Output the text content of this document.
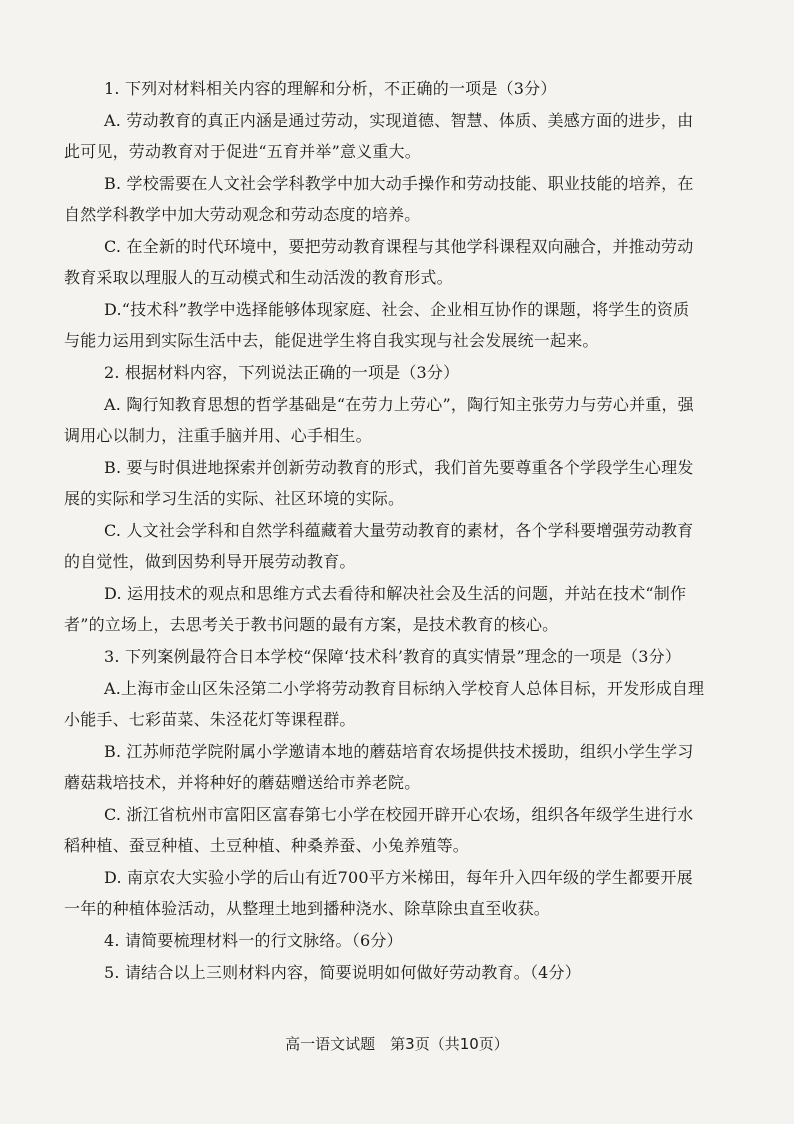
1. 下列对材料相关内容的理解和分析，不正确的一项是（3分）

A. 劳动教育的真正内涵是通过劳动，实现道德、智慧、体质、美感方面的进步，由

此可见，劳动教育对于促进“五育并举”意义重大。

B. 学校需要在人文社会学科教学中加大动手操作和劳动技能、职业技能的培养，在

自然学科教学中加大劳动观念和劳动态度的培养。

C. 在全新的时代环境中，要把劳动教育课程与其他学科课程双向融合，并推动劳动

教育采取以理服人的互动模式和生动活泼的教育形式。

D.“技术科”教学中选择能够体现家庭、社会、企业相互协作的课题，将学生的资质

与能力运用到实际生活中去，能促进学生将自我实现与社会发展统一起来。

2. 根据材料内容，下列说法正确的一项是（3分）

A. 陶行知教育思想的哲学基础是“在劳力上劳心”，陶行知主张劳力与劳心并重，强

调用心以制力，注重手脑并用、心手相生。

B. 要与时俱进地探索并创新劳动教育的形式，我们首先要尊重各个学段学生心理发

展的实际和学习生活的实际、社区环境的实际。

C. 人文社会学科和自然学科蕴藏着大量劳动教育的素材，各个学科要增强劳动教育

的自觉性，做到因势利导开展劳动教育。

D. 运用技术的观点和思维方式去看待和解决社会及生活的问题，并站在技术“制作

者”的立场上，去思考关于教书问题的最有方案，是技术教育的核心。

3. 下列案例最符合日本学校“保障‘技术科’教育的真实情景”理念的一项是（3分）

A.上海市金山区朱泾第二小学将劳动教育目标纳入学校育人总体目标，开发形成自理

小能手、七彩苗菜、朱泾花灯等课程群。

B. 江苏师范学院附属小学邀请本地的蘑菇培育农场提供技术援助，组织小学生学习

蘑菇栽培技术，并将种好的蘑菇赠送给市养老院。

C. 浙江省杭州市富阳区富春第七小学在校园开辟开心农场，组织各年级学生进行水

稻种植、蚕豆种植、土豆种植、种桑养蚕、小兔养殖等。

D. 南京农大实验小学的后山有近700平方米梯田，每年升入四年级的学生都要开展

一年的种植体验活动，从整理土地到播种浇水、除草除虫直至收获。

4. 请简要梳理材料一的行文脉络。（6分）

5. 请结合以上三则材料内容，简要说明如何做好劳动教育。（4分）

高一语文试题　第3页（共10页）
